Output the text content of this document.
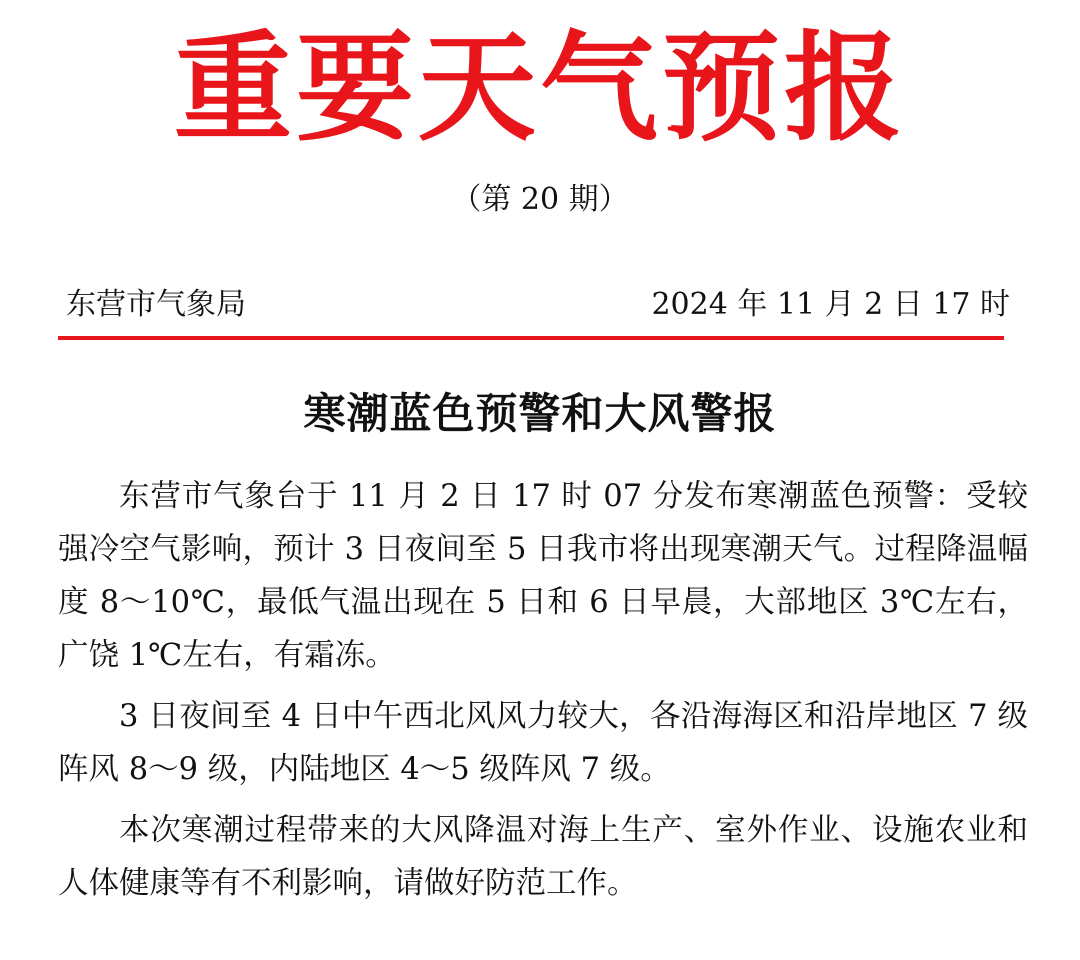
重要天气预报
（第 20 期）
东营市气象局	2024 年 11 月 2 日 17 时
寒潮蓝色预警和大风警报

东营市气象台于 11 月 2 日 17 时 07 分发布寒潮蓝色预警：受较强冷空气影响，预计 3 日夜间至 5 日我市将出现寒潮天气。过程降温幅度 8～10℃，最低气温出现在 5 日和 6 日早晨，大部地区 3℃左右，广饶 1℃左右，有霜冻。

3 日夜间至 4 日中午西北风风力较大，各沿海海区和沿岸地区 7 级阵风 8～9 级，内陆地区 4～5 级阵风 7 级。

本次寒潮过程带来的大风降温对海上生产、室外作业、设施农业和人体健康等有不利影响，请做好防范工作。
